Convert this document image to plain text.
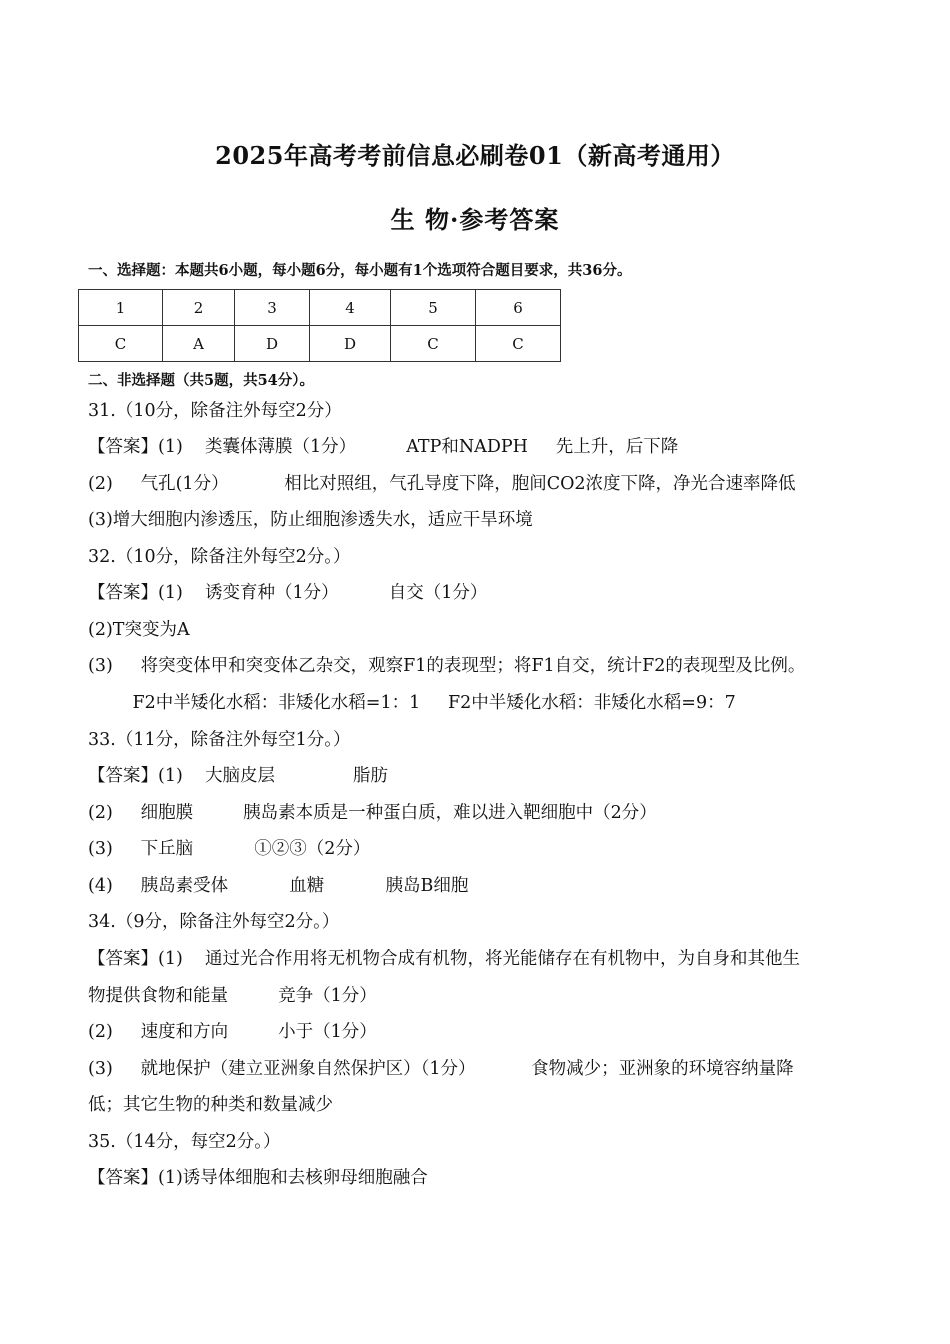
2025年高考考前信息必刷卷01（新高考通用）
生 物·参考答案
一、选择题：本题共6小题，每小题6分，每小题有1个选项符合题目要求，共36分。
1	2	3	4	5	6
C	A	D	D	C	C
二、非选择题（共5题，共54分）。
31.（10分，除备注外每空2分）
【答案】(1)    类囊体薄膜（1分）         ATP和NADPH     先上升，后下降
(2)     气孔(1分）          相比对照组，气孔导度下降，胞间CO2浓度下降，净光合速率降低
(3)增大细胞内渗透压，防止细胞渗透失水，适应干旱环境
32.（10分，除备注外每空2分。）
【答案】(1)    诱变育种（1分）         自交（1分）
(2)T突变为A
(3)     将突变体甲和突变体乙杂交，观察F1的表现型；将F1自交，统计F2的表现型及比例。
F2中半矮化水稻：非矮化水稻=1：1     F2中半矮化水稻：非矮化水稻=9：7
33.（11分，除备注外每空1分。）
【答案】(1)    大脑皮层              脂肪
(2)     细胞膜         胰岛素本质是一种蛋白质，难以进入靶细胞中（2分）
(3)     下丘脑           ①②③（2分）
(4)     胰岛素受体           血糖           胰岛B细胞
34.（9分，除备注外每空2分。）
【答案】(1)    通过光合作用将无机物合成有机物，将光能储存在有机物中，为自身和其他生
物提供食物和能量         竞争（1分）
(2)     速度和方向         小于（1分）
(3)     就地保护（建立亚洲象自然保护区）（1分）          食物减少；亚洲象的环境容纳量降
低；其它生物的种类和数量减少
35.（14分，每空2分。）
【答案】(1)诱导体细胞和去核卵母细胞融合
